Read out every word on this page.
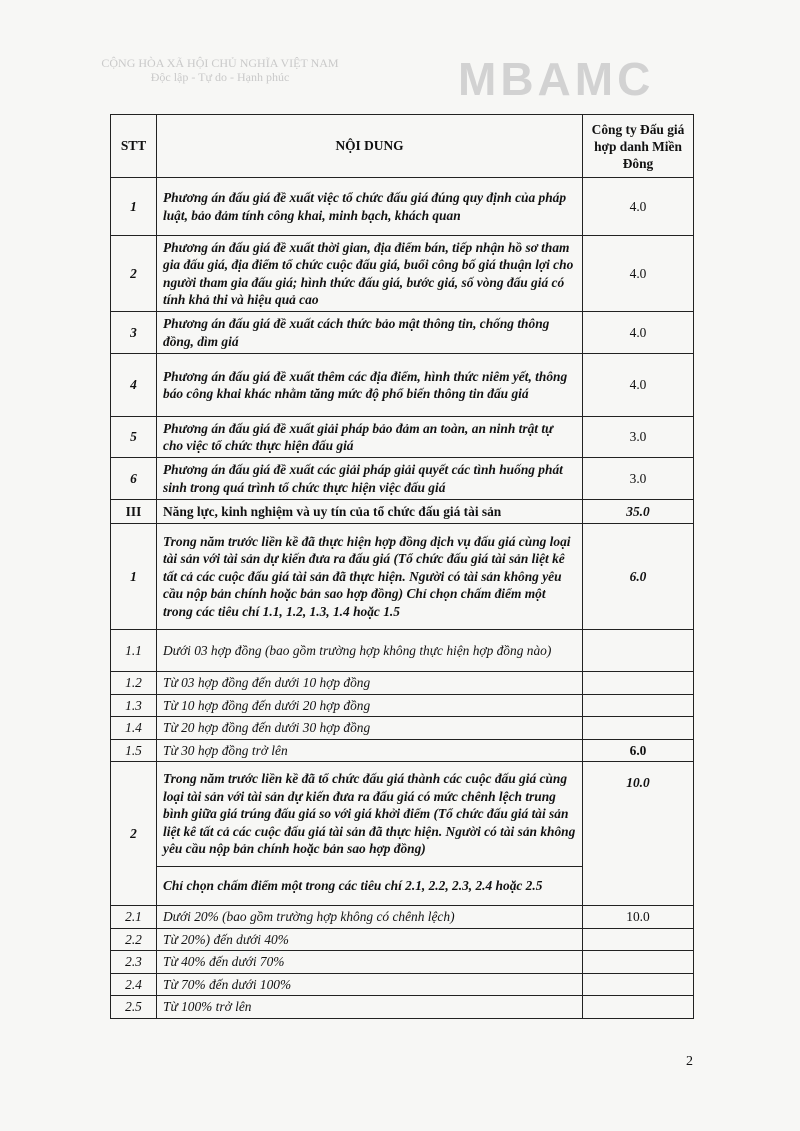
CỘNG HÒA XÃ HỘI CHỦ NGHĨA VIỆT NAM
Độc lập - Tự do - Hạnh phúc	MBAMC
STT	NỘI DUNG	Công ty Đấu giá hợp danh Miền Đông
1	Phương án đấu giá đề xuất việc tổ chức đấu giá đúng quy định của pháp luật, bảo đảm tính công khai, minh bạch, khách quan	4.0
2	Phương án đấu giá đề xuất thời gian, địa điểm bán, tiếp nhận hồ sơ tham gia đấu giá, địa điểm tổ chức cuộc đấu giá, buổi công bố giá thuận lợi cho người tham gia đấu giá; hình thức đấu giá, bước giá, số vòng đấu giá có tính khả thi và hiệu quả cao	4.0
3	Phương án đấu giá đề xuất cách thức bảo mật thông tin, chống thông đồng, dìm giá	4.0
4	Phương án đấu giá đề xuất thêm các địa điểm, hình thức niêm yết, thông báo công khai khác nhằm tăng mức độ phổ biến thông tin đấu giá	4.0
5	Phương án đấu giá đề xuất giải pháp bảo đảm an toàn, an ninh trật tự cho việc tổ chức thực hiện đấu giá	3.0
6	Phương án đấu giá đề xuất các giải pháp giải quyết các tình huống phát sinh trong quá trình tổ chức thực hiện việc đấu giá	3.0
III	Năng lực, kinh nghiệm và uy tín của tổ chức đấu giá tài sản	35.0
1	Trong năm trước liền kề đã thực hiện hợp đồng dịch vụ đấu giá cùng loại tài sản với tài sản dự kiến đưa ra đấu giá (Tổ chức đấu giá tài sản liệt kê tất cả các cuộc đấu giá tài sản đã thực hiện. Người có tài sản không yêu cầu nộp bản chính hoặc bản sao hợp đồng) Chỉ chọn chấm điểm một trong các tiêu chí 1.1, 1.2, 1.3, 1.4 hoặc 1.5	6.0
1.1	Dưới 03 hợp đồng (bao gồm trường hợp không thực hiện hợp đồng nào)	
1.2	Từ 03 hợp đồng đến dưới 10 hợp đồng	
1.3	Từ 10 hợp đồng đến dưới 20 hợp đồng	
1.4	Từ 20 hợp đồng đến dưới 30 hợp đồng	
1.5	Từ 30 hợp đồng trở lên	6.0
2	Trong năm trước liền kề đã tổ chức đấu giá thành các cuộc đấu giá cùng loại tài sản với tài sản dự kiến đưa ra đấu giá có mức chênh lệch trung bình giữa giá trúng đấu giá so với giá khởi điểm (Tổ chức đấu giá tài sản liệt kê tất cả các cuộc đấu giá tài sản đã thực hiện. Người có tài sản không yêu cầu nộp bản chính hoặc bản sao hợp đồng)	10.0
	Chỉ chọn chấm điểm một trong các tiêu chí 2.1, 2.2, 2.3, 2.4 hoặc 2.5	
2.1	Dưới 20% (bao gồm trường hợp không có chênh lệch)	10.0
2.2	Từ 20%) đến dưới 40%	
2.3	Từ 40% đến dưới 70%	
2.4	Từ 70% đến dưới 100%	
2.5	Từ 100% trở lên	
2
